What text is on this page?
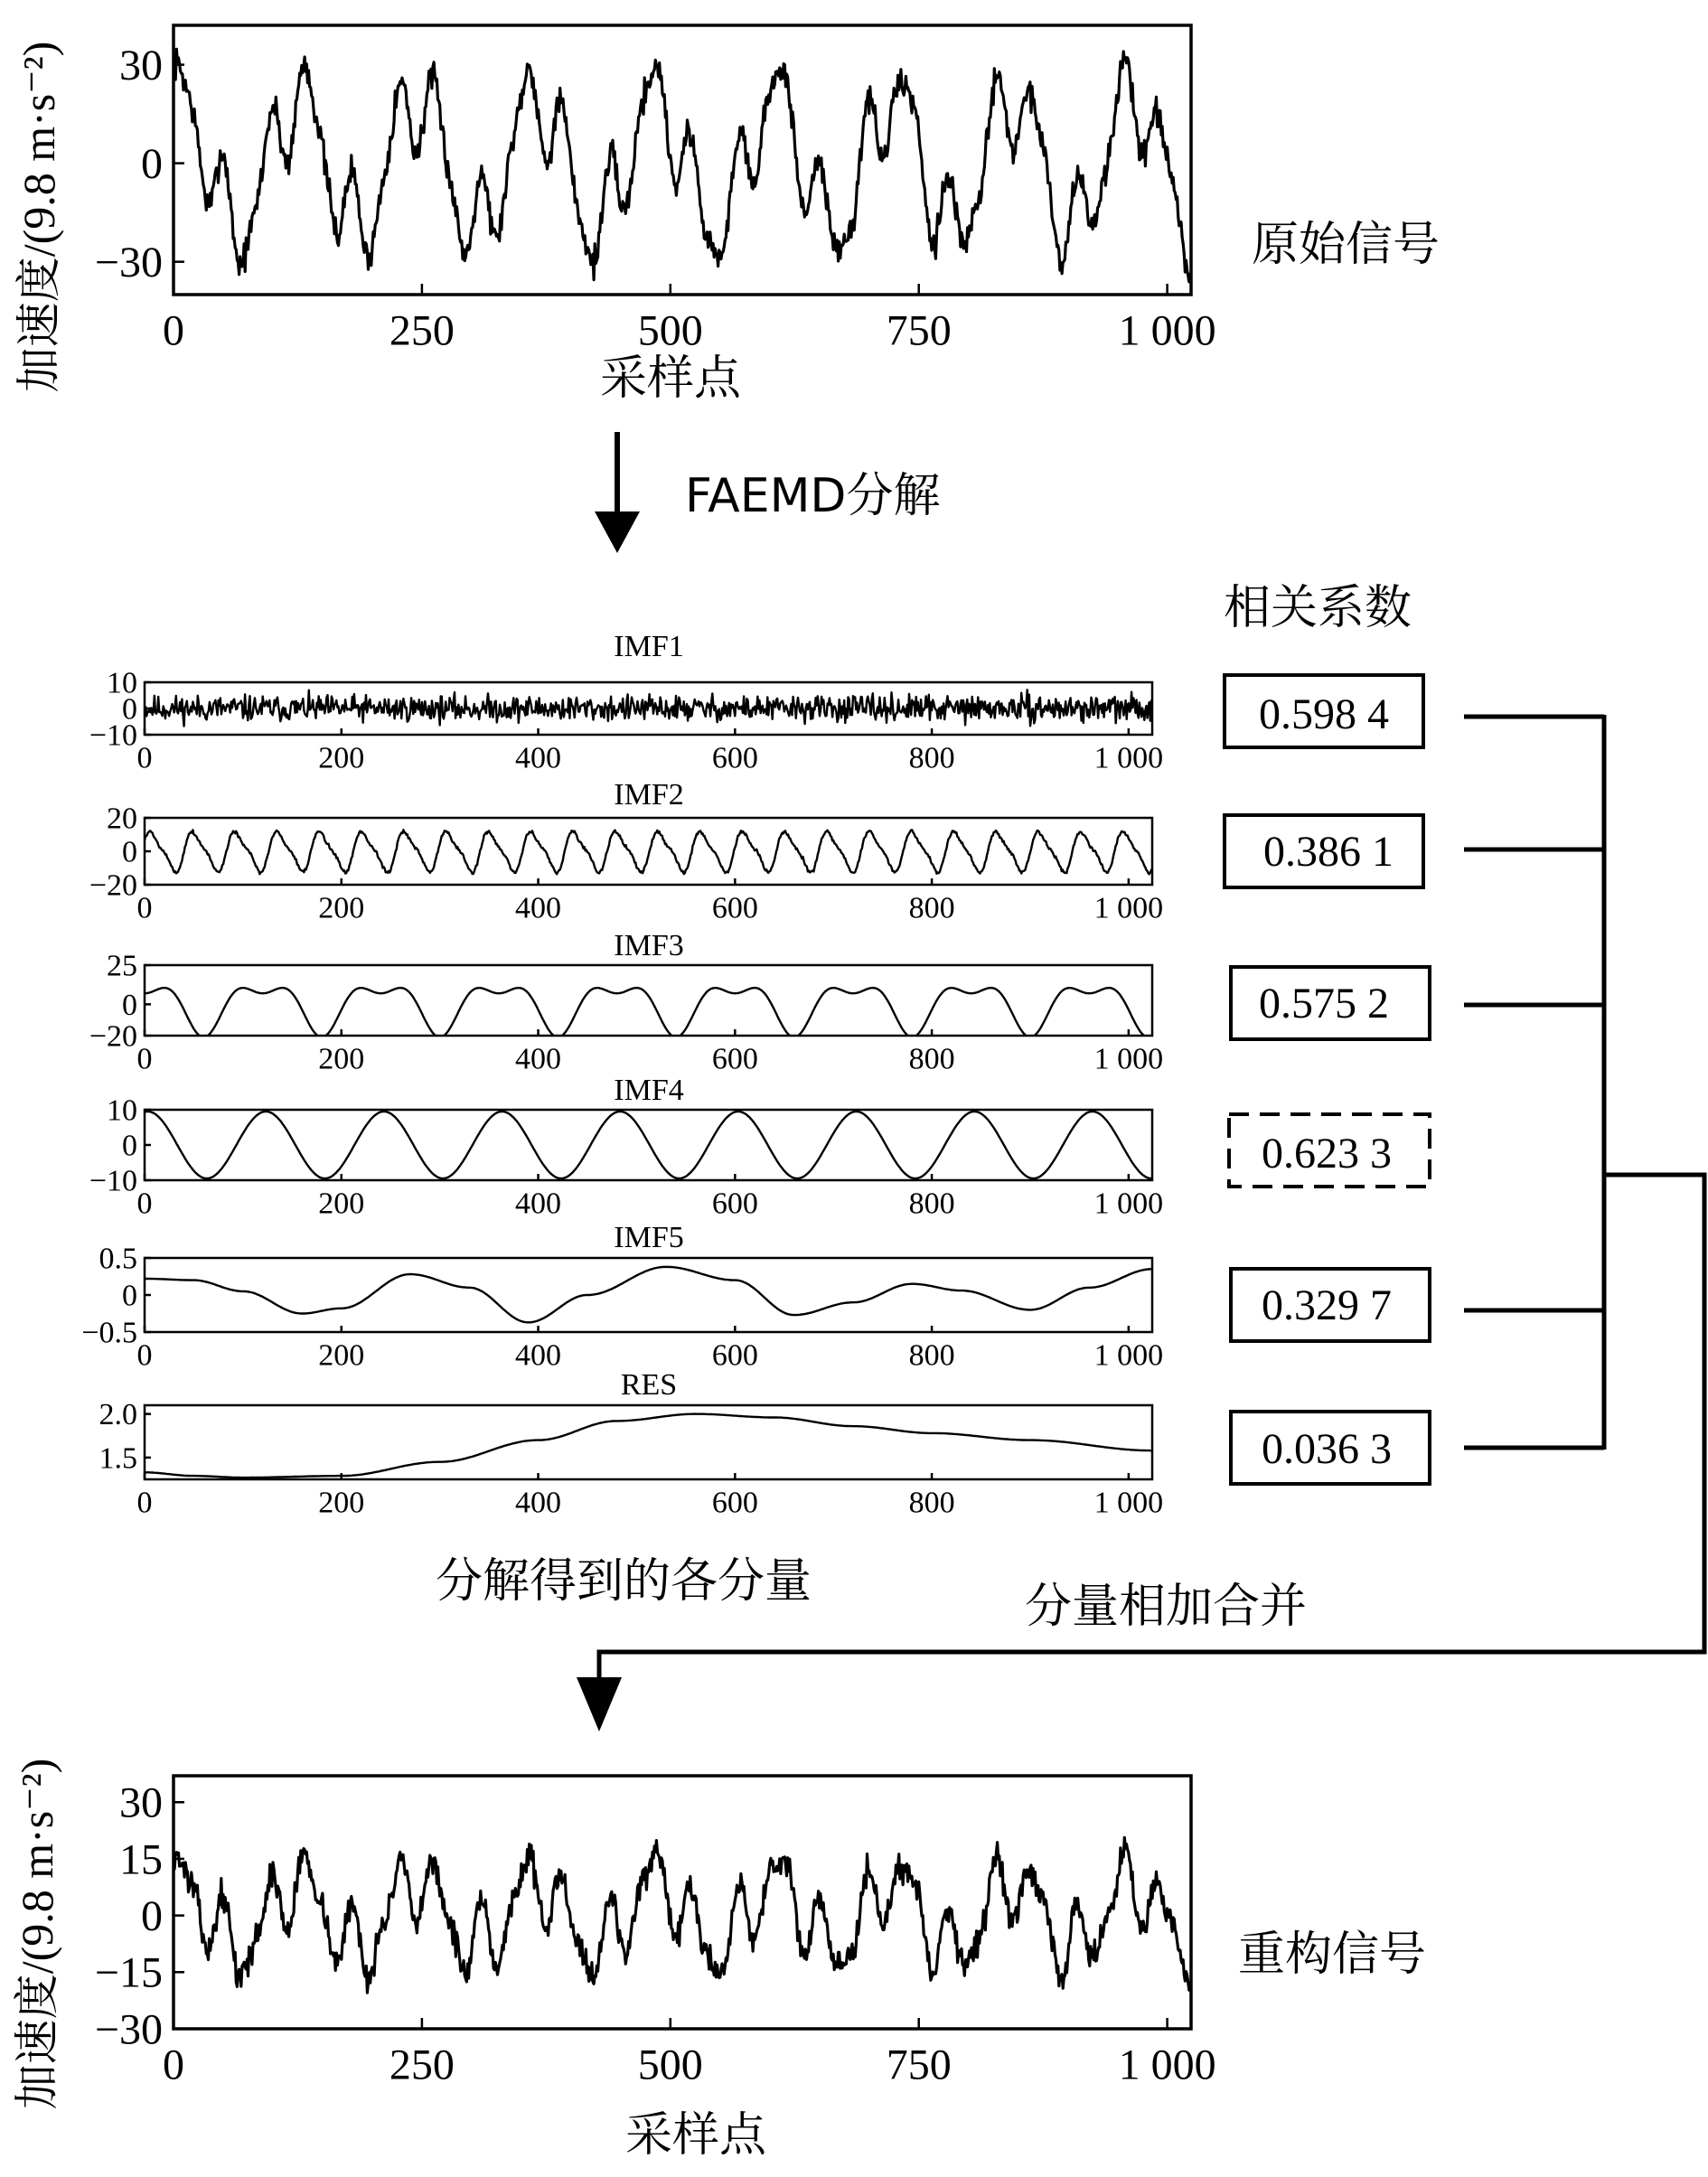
0	250	500	750	1 000
−30
0
30
采样点
加速度/(9.8 m·s⁻²)	原始信号
FAEMD分解
相关系数
IMF1
0	200	400	600	800	1 000
−10
0
10
IMF2
0	200	400	600	800	1 000
−20
0
20
IMF3
0	200	400	600	800	1 000
−20
0
25
IMF4
0	200	400	600	800	1 000
−10
0
10
IMF5
0	200	400	600	800	1 000
−0.5
0
0.5
RES
0	200	400	600	800	1 000
1.5
2.0
分解得到的各分量
0.598 4
0.386 1
0.575 2
0.623 3
0.329 7
0.036 3
分量相加合并
0	250	500	750	1 000
−30
−15
0
15
30
采样点
加速度/(9.8 m·s⁻²)	重构信号
